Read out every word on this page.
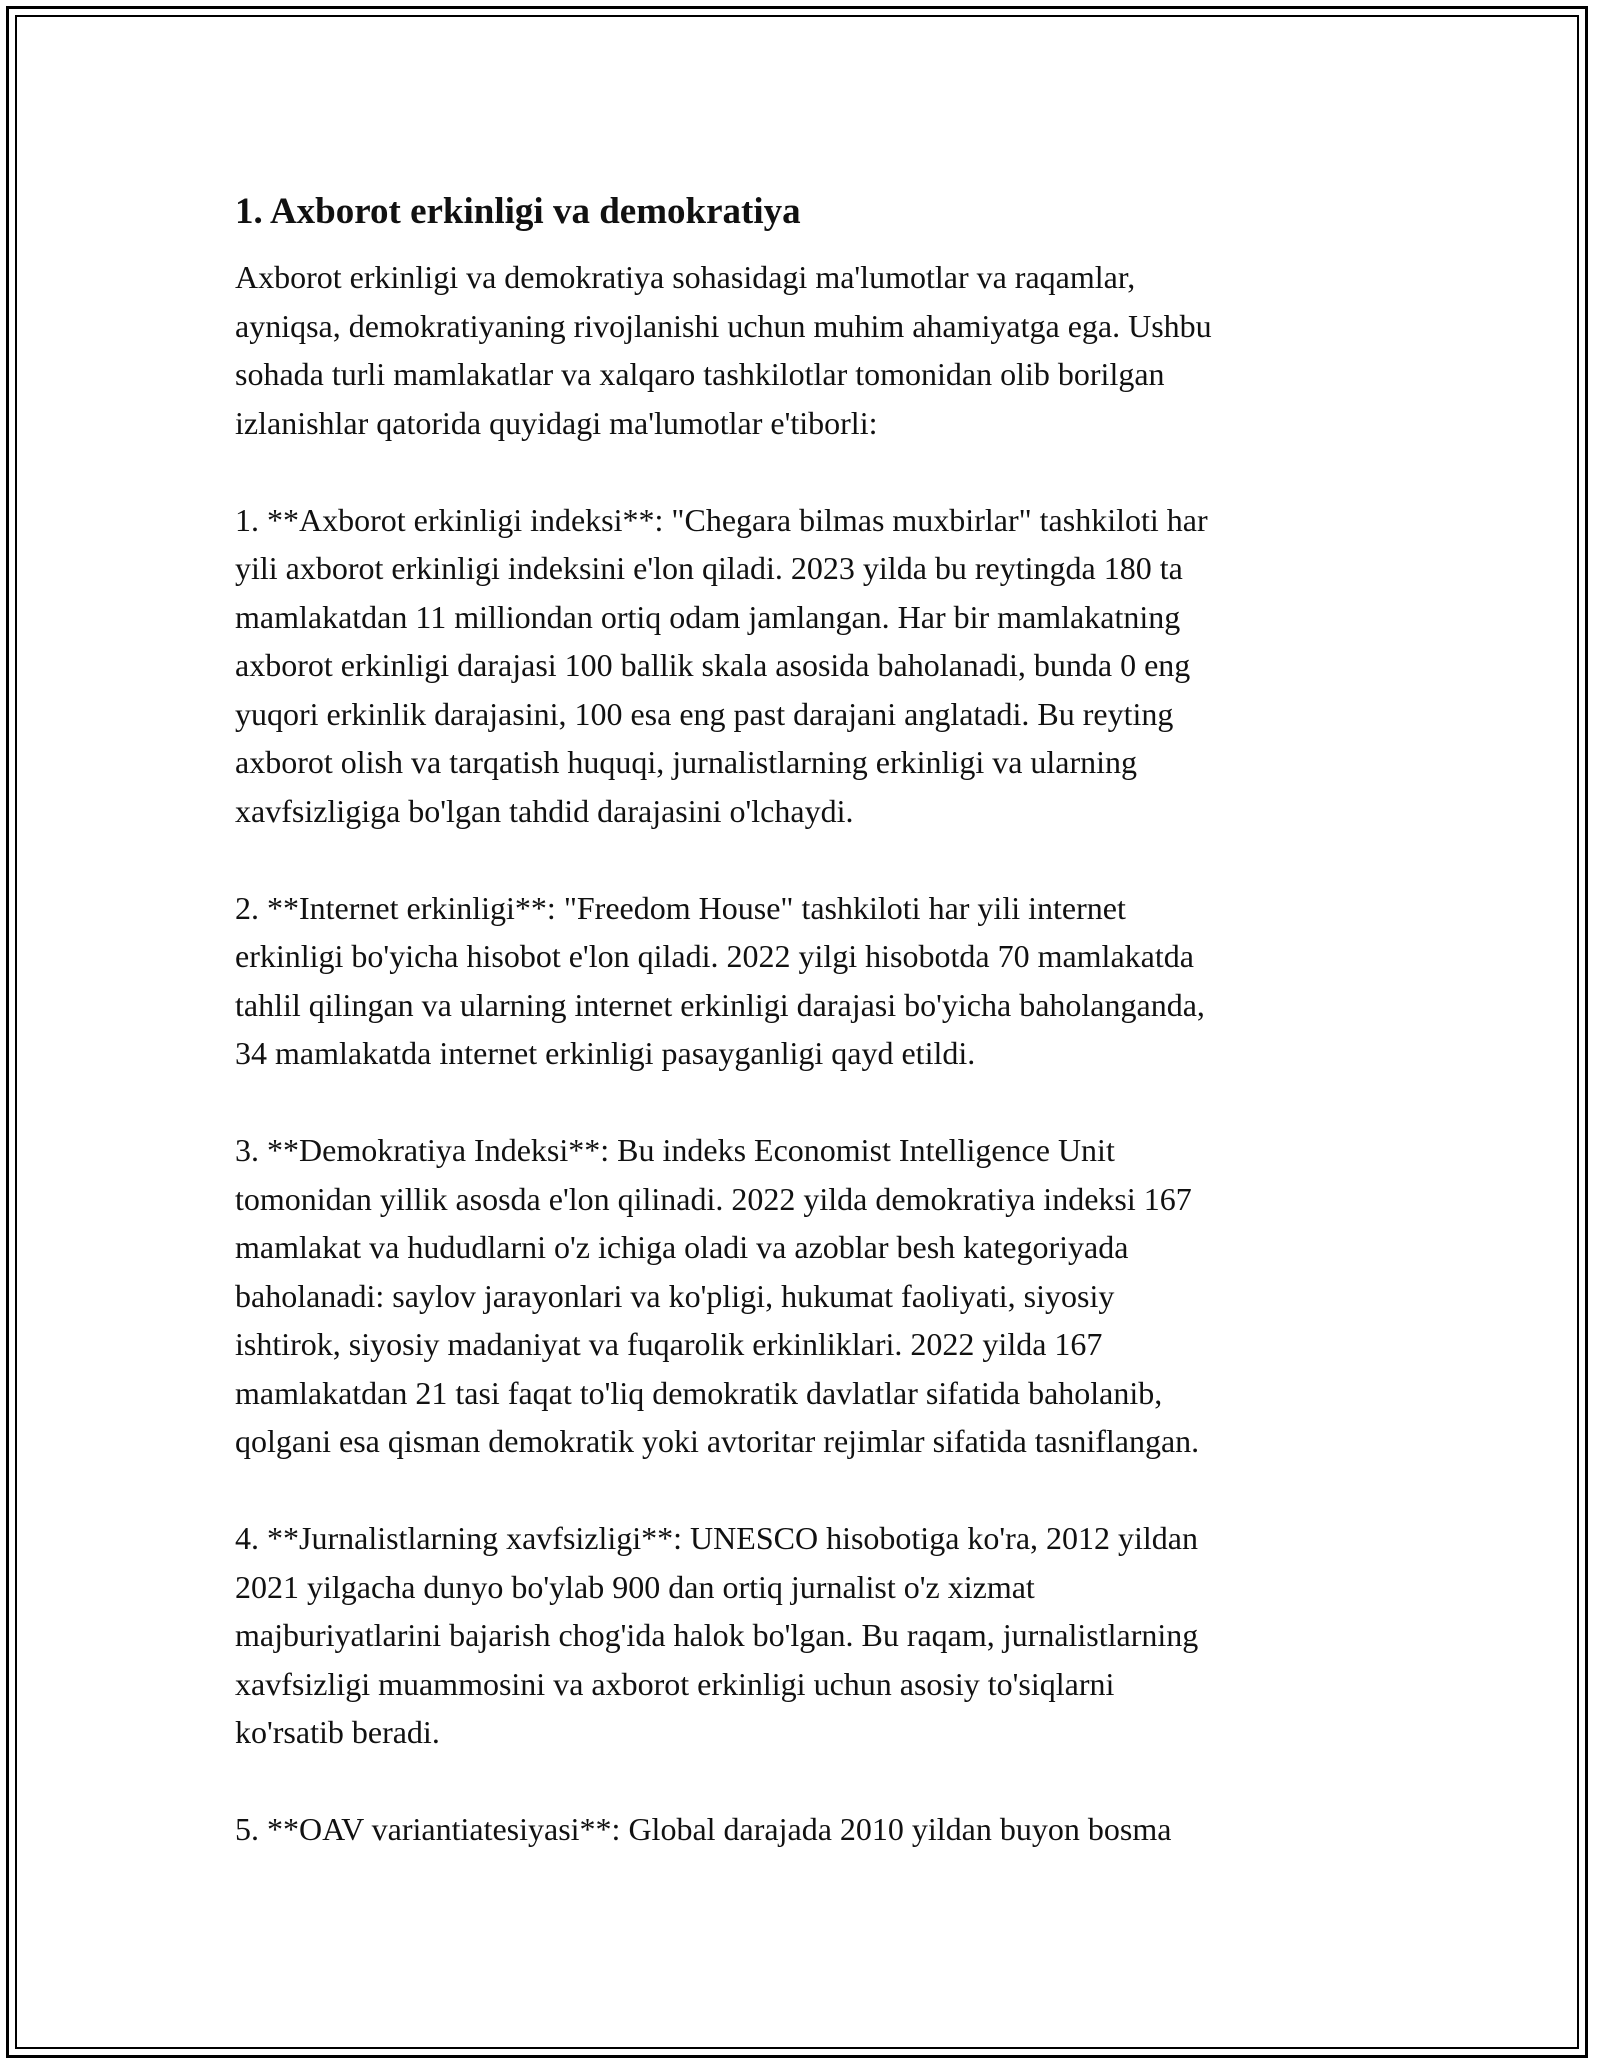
1. Axborot erkinligi va demokratiya
Axborot erkinligi va demokratiya sohasidagi ma'lumotlar va raqamlar,
ayniqsa, demokratiyaning rivojlanishi uchun muhim ahamiyatga ega. Ushbu
sohada turli mamlakatlar va xalqaro tashkilotlar tomonidan olib borilgan
izlanishlar qatorida quyidagi ma'lumotlar e'tiborli:
1. **Axborot erkinligi indeksi**: "Chegara bilmas muxbirlar" tashkiloti har
yili axborot erkinligi indeksini e'lon qiladi. 2023 yilda bu reytingda 180 ta
mamlakatdan 11 milliondan ortiq odam jamlangan. Har bir mamlakatning
axborot erkinligi darajasi 100 ballik skala asosida baholanadi, bunda 0 eng
yuqori erkinlik darajasini, 100 esa eng past darajani anglatadi. Bu reyting
axborot olish va tarqatish huquqi, jurnalistlarning erkinligi va ularning
xavfsizligiga bo'lgan tahdid darajasini o'lchaydi.
2. **Internet erkinligi**: "Freedom House" tashkiloti har yili internet
erkinligi bo'yicha hisobot e'lon qiladi. 2022 yilgi hisobotda 70 mamlakatda
tahlil qilingan va ularning internet erkinligi darajasi bo'yicha baholanganda,
34 mamlakatda internet erkinligi pasayganligi qayd etildi.
3. **Demokratiya Indeksi**: Bu indeks Economist Intelligence Unit
tomonidan yillik asosda e'lon qilinadi. 2022 yilda demokratiya indeksi 167
mamlakat va hududlarni o'z ichiga oladi va azoblar besh kategoriyada
baholanadi: saylov jarayonlari va ko'pligi, hukumat faoliyati, siyosiy
ishtirok, siyosiy madaniyat va fuqarolik erkinliklari. 2022 yilda 167
mamlakatdan 21 tasi faqat to'liq demokratik davlatlar sifatida baholanib,
qolgani esa qisman demokratik yoki avtoritar rejimlar sifatida tasniflangan.
4. **Jurnalistlarning xavfsizligi**: UNESCO hisobotiga ko'ra, 2012 yildan
2021 yilgacha dunyo bo'ylab 900 dan ortiq jurnalist o'z xizmat
majburiyatlarini bajarish chog'ida halok bo'lgan. Bu raqam, jurnalistlarning
xavfsizligi muammosini va axborot erkinligi uchun asosiy to'siqlarni
ko'rsatib beradi.
5. **OAV variantiatesiyasi**: Global darajada 2010 yildan buyon bosma
